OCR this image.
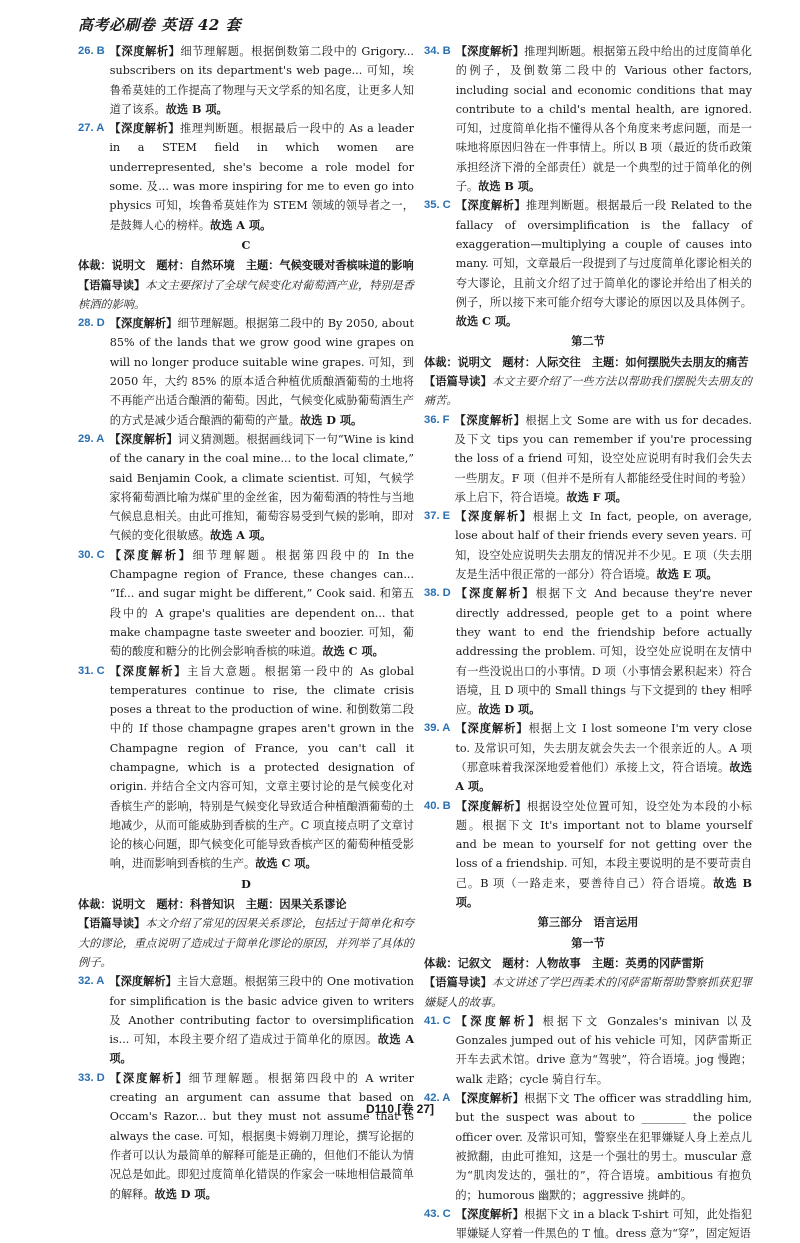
高考必刷卷 英语 42 套
26. B 【深度解析】细节理解题。根据倒数第二段中的 Grigory... subscribers on its department's web page... 可知，埃鲁希莫娃的工作提高了物理与天文学系的知名度，让更多人知道了该系。故选 B 项。
27. A 【深度解析】推理判断题。根据最后一段中的 As a leader in a STEM field in which women are underrepresented, she's become a role model for some. 及... was more inspiring for me to even go into physics 可知，埃鲁希莫娃作为 STEM 领域的领导者之一，是鼓舞人心的榜样。故选 A 项。
C
体裁：说明文　题材：自然环境　主题：气候变暖对香槟味道的影响
【语篇导读】本文主要探讨了全球气候变化对葡萄酒产业，特别是香槟酒的影响。
28. D 【深度解析】细节理解题。根据第二段中的 By 2050, about 85% of the lands that we grow good wine grapes on will no longer produce suitable wine grapes. 可知，到 2050 年，大约 85% 的原本适合种植优质酿酒葡萄的土地将不再能产出适合酿酒的葡萄。因此，气候变化威胁葡萄酒生产的方式是减少适合酿酒的葡萄的产量。故选 D 项。
29. A 【深度解析】词义猜测题。根据画线词下一句“Wine is kind of the canary in the coal mine... to the local climate,” said Benjamin Cook, a climate scientist. 可知，气候学家将葡萄酒比喻为煤矿里的金丝雀，因为葡萄酒的特性与当地气候息息相关。由此可推知，葡萄容易受到气候的影响，即对气候的变化很敏感。故选 A 项。
30. C 【深度解析】细节理解题。根据第四段中的 In the Champagne region of France, these changes can... “If... and sugar might be different,” Cook said. 和第五段中的 A grape's qualities are dependent on... that make champagne taste sweeter and boozier. 可知，葡萄的酸度和糖分的比例会影响香槟的味道。故选 C 项。
31. C 【深度解析】主旨大意题。根据第一段中的 As global temperatures continue to rise, the climate crisis poses a threat to the production of wine. 和倒数第二段中的 If those champagne grapes aren't grown in the Champagne region of France, you can't call it champagne, which is a protected designation of origin. 并结合全文内容可知，文章主要讨论的是气候变化对香槟生产的影响，特别是气候变化导致适合种植酿酒葡萄的土地减少，从而可能威胁到香槟的生产。C 项直接点明了文章讨论的核心问题，即气候变化可能导致香槟产区的葡萄种植受影响，进而影响到香槟的生产。故选 C 项。
D
体裁：说明文　题材：科普知识　主题：因果关系谬论
【语篇导读】本文介绍了常见的因果关系谬论，包括过于简单化和夸大的谬论，重点说明了造成过于简单化谬论的原因，并列举了具体的例子。
32. A 【深度解析】主旨大意题。根据第三段中的 One motivation for simplification is the basic advice given to writers 及 Another contributing factor to oversimplification is... 可知，本段主要介绍了造成过于简单化的原因。故选 A 项。
33. D 【深度解析】细节理解题。根据第四段中的 A writer creating an argument can assume that based on Occam's Razor... but they must not assume that is always the case. 可知，根据奥卡姆剃刀理论，撰写论据的作者可以认为最简单的解释可能是正确的，但他们不能认为情况总是如此。即犯过度简单化错误的作家会一味地相信最简单的解释。故选 D 项。
34. B 【深度解析】推理判断题。根据第五段中给出的过度简单化的例子，及倒数第二段中的 Various other factors, including social and economic conditions that may contribute to a child's mental health, are ignored. 可知，过度简单化指不懂得从各个角度来考虑问题，而是一味地将原因归咎在一件事情上。所以 B 项（最近的货币政策承担经济下滑的全部责任）就是一个典型的过于简单化的例子。故选 B 项。
35. C 【深度解析】推理判断题。根据最后一段 Related to the fallacy of oversimplification is the fallacy of exaggeration—multiplying a couple of causes into many. 可知，文章最后一段提到了与过度简单化谬论相关的夸大谬论，且前文介绍了过于简单化的谬论并给出了相关的例子，所以接下来可能介绍夸大谬论的原因以及具体例子。故选 C 项。
第二节
体裁：说明文　题材：人际交往　主题：如何摆脱失去朋友的痛苦
【语篇导读】本文主要介绍了一些方法以帮助我们摆脱失去朋友的痛苦。
36. F 【深度解析】根据上文 Some are with us for decades. 及下文 tips you can remember if you're processing the loss of a friend 可知，设空处应说明有时我们会失去一些朋友。F 项（但并不是所有人都能经受住时间的考验）承上启下，符合语境。故选 F 项。
37. E 【深度解析】根据上文 In fact, people, on average, lose about half of their friends every seven years. 可知，设空处应说明失去朋友的情况并不少见。E 项（失去朋友是生活中很正常的一部分）符合语境。故选 E 项。
38. D 【深度解析】根据下文 And because they're never directly addressed, people get to a point where they want to end the friendship before actually addressing the problem. 可知，设空处应说明在友情中有一些没说出口的小事情。D 项（小事情会累积起来）符合语境，且 D 项中的 Small things 与下文提到的 they 相呼应。故选 D 项。
39. A 【深度解析】根据上文 I lost someone I'm very close to. 及常识可知，失去朋友就会失去一个很亲近的人。A 项（那意味着我深深地爱着他们）承接上文，符合语境。故选 A 项。
40. B 【深度解析】根据设空处位置可知，设空处为本段的小标题。根据下文 It's important not to blame yourself and be mean to yourself for not getting over the loss of a friendship. 可知，本段主要说明的是不要苛责自己。B 项（一路走来，要善待自己）符合语境。故选 B 项。
第三部分　语言运用
第一节
体裁：记叙文　题材：人物故事　主题：英勇的冈萨雷斯
【语篇导读】本文讲述了学巴西柔术的冈萨雷斯帮助警察抓获犯罪嫌疑人的故事。
41. C 【深度解析】根据下文 Gonzales's minivan 以及 Gonzales jumped out of his vehicle 可知，冈萨雷斯正开车去武术馆。drive 意为“驾驶”，符合语境。jog 慢跑；walk 走路；cycle 骑自行车。
42. A 【深度解析】根据下文 The officer was straddling him, but the suspect was about to ________ the police officer over. 及常识可知，警察坐在犯罪嫌疑人身上差点儿被掀翻，由此可推知，这是一个强壮的男士。muscular 意为“肌肉发达的，强壮的”，符合语境。ambitious 有抱负的；humorous 幽默的；aggressive 挑衅的。
43. C 【深度解析】根据下文 in a black T-shirt 可知，此处指犯罪嫌疑人穿着一件黑色的 T 恤。dress 意为“穿”，固定短语
D110 [卷 27]
